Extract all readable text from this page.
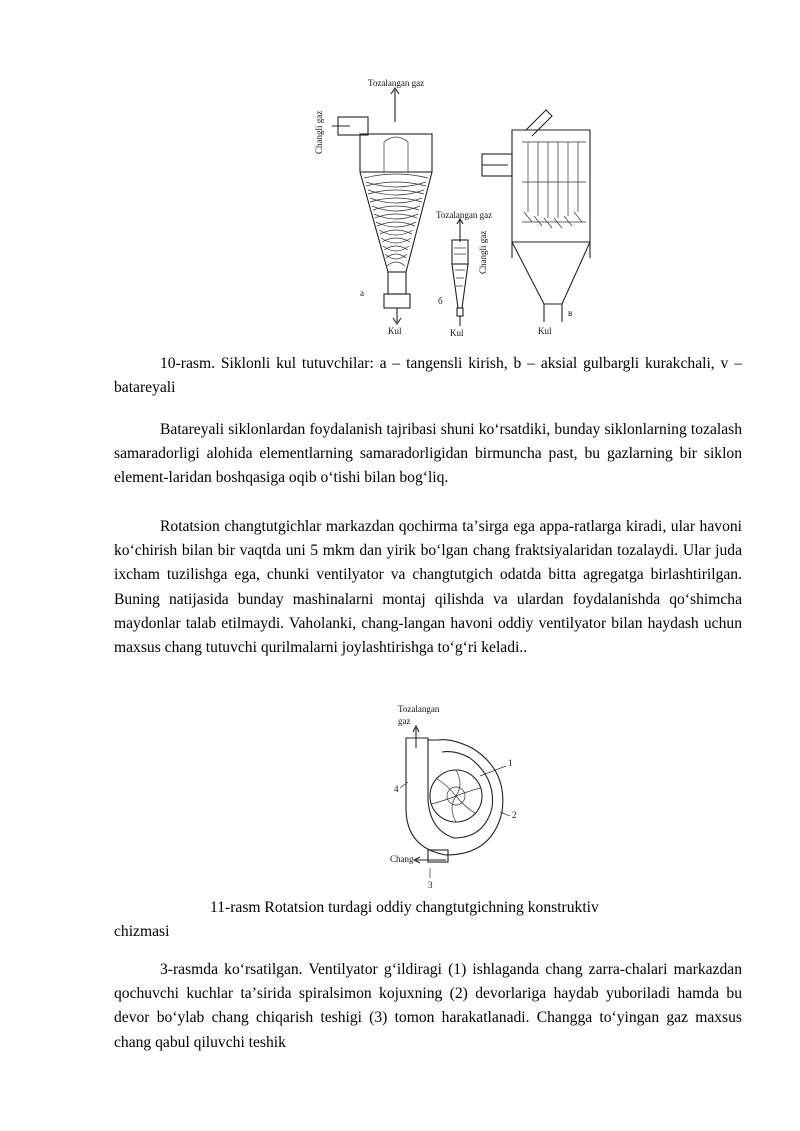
Tozalangan gaz
Changli gaz
a
Kul
Tozalangan gaz
Changli gaz
б
Kul
в
Kul

10-rasm. Siklonli kul tutuvchilar: a – tangensli kirish, b – aksial gulbargli kurakchali, v – batareyali

Batareyali siklonlardan foydalanish tajribasi shuni koʻrsatdiki, bunday siklonlarning tozalash samaradorligi alohida elementlarning samaradorligidan birmuncha past, bu gazlarning bir siklon element-laridan boshqasiga oqib oʻtishi bilan bogʻliq.

Rotatsion changtutgichlar markazdan qochirma taʼsirga ega appa-ratlarga kiradi, ular havoni koʻchirish bilan bir vaqtda uni 5 mkm dan yirik boʻlgan chang fraktsiyalaridan tozalaydi. Ular juda ixcham tuzilishga ega, chunki ventilyator va changtutgich odatda bitta agregatga birlashtirilgan. Buning natijasida bunday mashinalarni montaj qilishda va ulardan foydalanishda qoʻshimcha maydonlar talab etilmaydi. Vaholanki, chang-langan havoni oddiy ventilyator bilan haydash uchun maxsus chang tutuvchi qurilmalarni joylashtirishga toʻgʻri keladi..

Tozalangan
gaz
Chang
3
1
2
4

11-rasm Rotatsion turdagi oddiy changtutgichning konstruktiv

chizmasi

3-rasmda koʻrsatilgan. Ventilyator gʻildiragi (1) ishlaganda chang zarra-chalari markazdan qochuvchi kuchlar taʼsirida spiralsimon kojuxning (2) devorlariga haydab yuboriladi hamda bu devor boʻylab chang chiqarish teshigi (3) tomon harakatlanadi. Changga toʻyingan gaz maxsus chang qabul qiluvchi teshik
